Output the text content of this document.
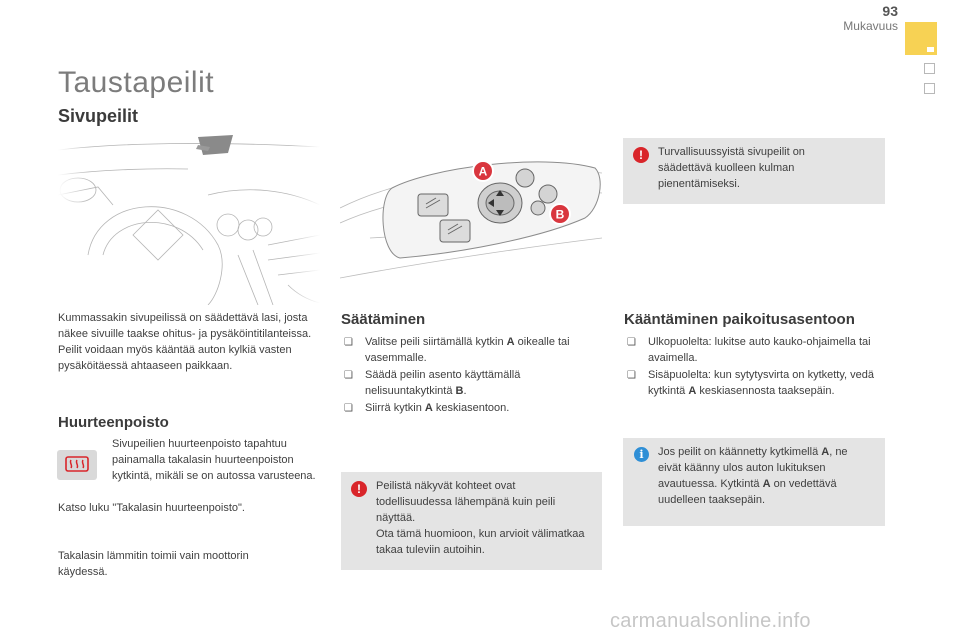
93
Mukavuus
Taustapeilit
Sivupeilit
A
B
Kummassakin sivupeilissä on säädettävä lasi, josta näkee sivuille taakse ohitus- ja pysäköintitilanteissa. Peilit voidaan myös kääntää auton kylkiä vasten pysäköitäessä ahtaaseen paikkaan.
Huurteenpoisto
Sivupeilien huurteenpoisto tapahtuu painamalla takalasin huurteenpoiston kytkintä, mikäli se on autossa varusteena.
Katso luku "Takalasin huurteenpoisto".
Takalasin lämmitin toimii vain moottorin käydessä.
Säätäminen
❏ Valitse peili siirtämällä kytkin A oikealle tai vasemmalle.
❏ Säädä peilin asento käyttämällä nelisuuntakytkintä B.
❏ Siirrä kytkin A keskiasentoon.
!	Peilistä näkyvät kohteet ovat todellisuudessa lähempänä kuin peili näyttää.
Ota tämä huomioon, kun arvioit välimatkaa takaa tuleviin autoihin.
!	Turvallisuussyistä sivupeilit on säädettävä kuolleen kulman pienentämiseksi.
Kääntäminen paikoitusasentoon
❏ Ulkopuolelta: lukitse auto kauko-ohjaimella tai avaimella.
❏ Sisäpuolelta: kun sytytysvirta on kytketty, vedä kytkintä A keskiasennosta taaksepäin.
i	Jos peilit on käännetty kytkimellä A, ne eivät käänny ulos auton lukituksen avautuessa. Kytkintä A on vedettävä uudelleen taaksepäin.
carmanualsonline.info
